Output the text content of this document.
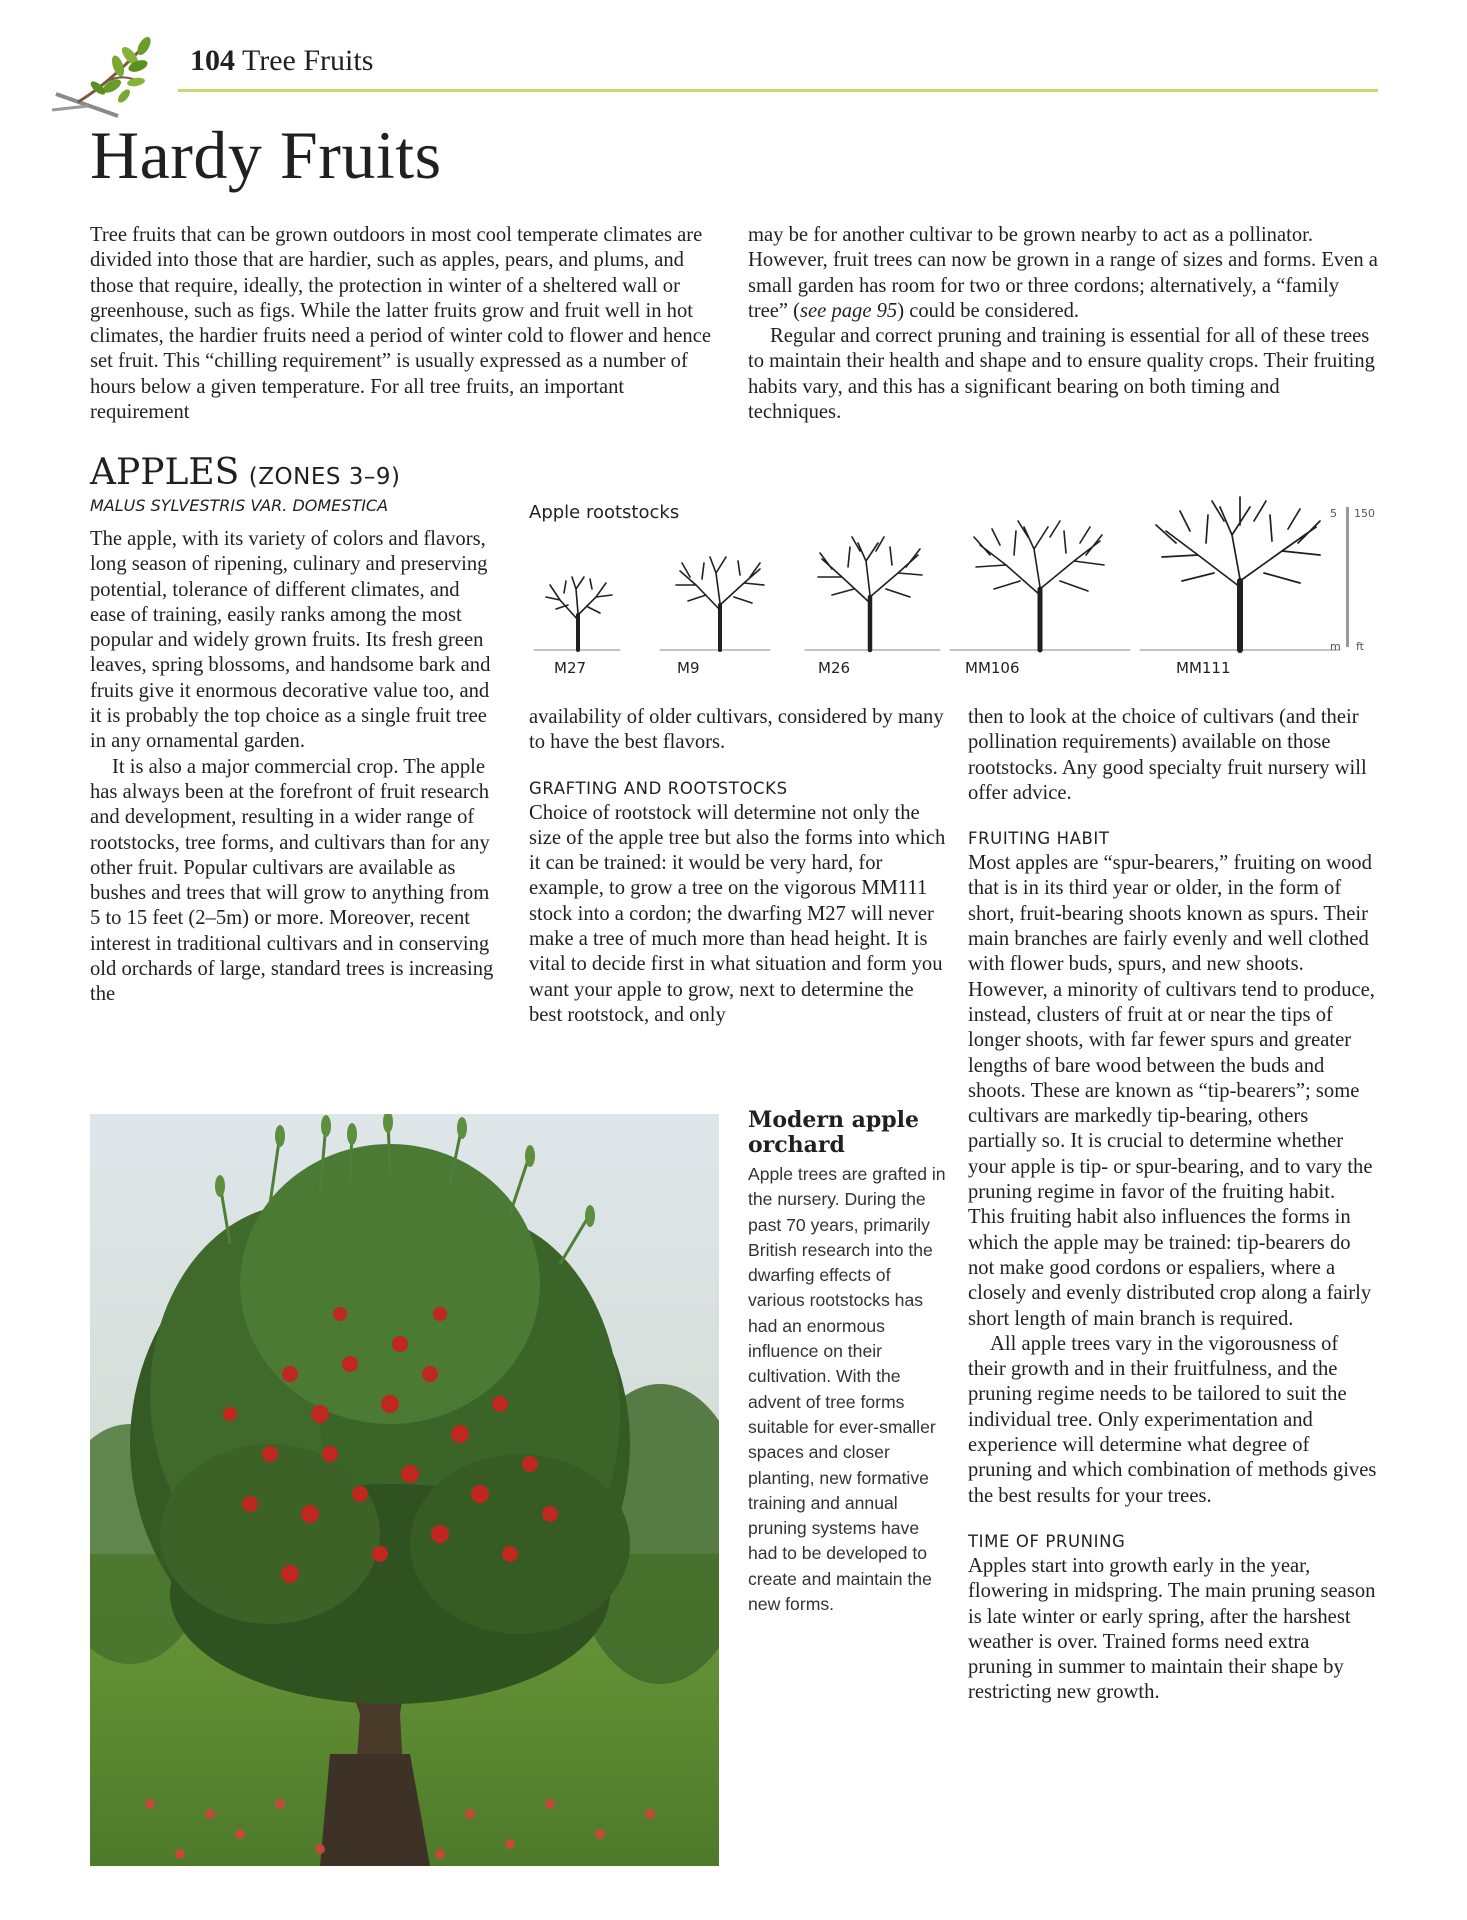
104 Tree Fruits
Hardy Fruits

Tree fruits that can be grown outdoors in most cool temperate climates are divided into those that are hardier, such as apples, pears, and plums, and those that require, ideally, the protection in winter of a sheltered wall or greenhouse, such as figs. While the latter fruits grow and fruit well in hot climates, the hardier fruits need a period of winter cold to flower and hence set fruit. This “chilling requirement” is usually expressed as a number of hours below a given temperature. For all tree fruits, an important requirement

may be for another cultivar to be grown nearby to act as a pollinator. However, fruit trees can now be grown in a range of sizes and forms. Even a small garden has room for two or three cordons; alternatively, a “family tree” (see page 95) could be considered.

Regular and correct pruning and training is essential for all of these trees to maintain their health and shape and to ensure quality crops. Their fruiting habits vary, and this has a significant bearing on both timing and techniques.

APPLES (ZONES 3–9)
MALUS SYLVESTRIS VAR. DOMESTICA

The apple, with its variety of colors and flavors, long season of ripening, culinary and preserving potential, tolerance of different climates, and ease of training, easily ranks among the most popular and widely grown fruits. Its fresh green leaves, spring blossoms, and handsome bark and fruits give it enormous decorative value too, and it is probably the top choice as a single fruit tree in any ornamental garden.

It is also a major commercial crop. The apple has always been at the forefront of fruit research and development, resulting in a wider range of rootstocks, tree forms, and cultivars than for any other fruit. Popular cultivars are available as bushes and trees that will grow to anything from 5 to 15 feet (2–5m) or more. Moreover, recent interest in traditional cultivars and in conserving old orchards of large, standard trees is increasing the

Apple rootstocks
M27	M9	M26	MM106	MM111
5 150
m ft

availability of older cultivars, considered by many to have the best flavors.

GRAFTING AND ROOTSTOCKS

Choice of rootstock will determine not only the size of the apple tree but also the forms into which it can be trained: it would be very hard, for example, to grow a tree on the vigorous MM111 stock into a cordon; the dwarfing M27 will never make a tree of much more than head height. It is vital to decide first in what situation and form you want your apple to grow, next to determine the best rootstock, and only

then to look at the choice of cultivars (and their pollination requirements) available on those rootstocks. Any good specialty fruit nursery will offer advice.

FRUITING HABIT

Most apples are “spur-bearers,” fruiting on wood that is in its third year or older, in the form of short, fruit-bearing shoots known as spurs. Their main branches are fairly evenly and well clothed with flower buds, spurs, and new shoots. However, a minority of cultivars tend to produce, instead, clusters of fruit at or near the tips of longer shoots, with far fewer spurs and greater lengths of bare wood between the buds and shoots. These are known as “tip-bearers”; some cultivars are markedly tip-bearing, others partially so. It is crucial to determine whether your apple is tip- or spur-bearing, and to vary the pruning regime in favor of the fruiting habit.

This fruiting habit also influences the forms in which the apple may be trained: tip-bearers do not make good cordons or espaliers, where a closely and evenly distributed crop along a fairly short length of main branch is required.

All apple trees vary in the vigorousness of their growth and in their fruitfulness, and the pruning regime needs to be tailored to suit the individual tree. Only experimentation and experience will determine what degree of pruning and which combination of methods gives the best results for your trees.

TIME OF PRUNING

Apples start into growth early in the year, flowering in midspring. The main pruning season is late winter or early spring, after the harshest weather is over. Trained forms need extra pruning in summer to maintain their shape by restricting new growth.

Modern apple orchard
Apple trees are grafted in the nursery. During the past 70 years, primarily British research into the dwarfing effects of various rootstocks has had an enormous influence on their cultivation. With the advent of tree forms suitable for ever-smaller spaces and closer planting, new formative training and annual pruning systems have had to be developed to create and maintain the new forms.
